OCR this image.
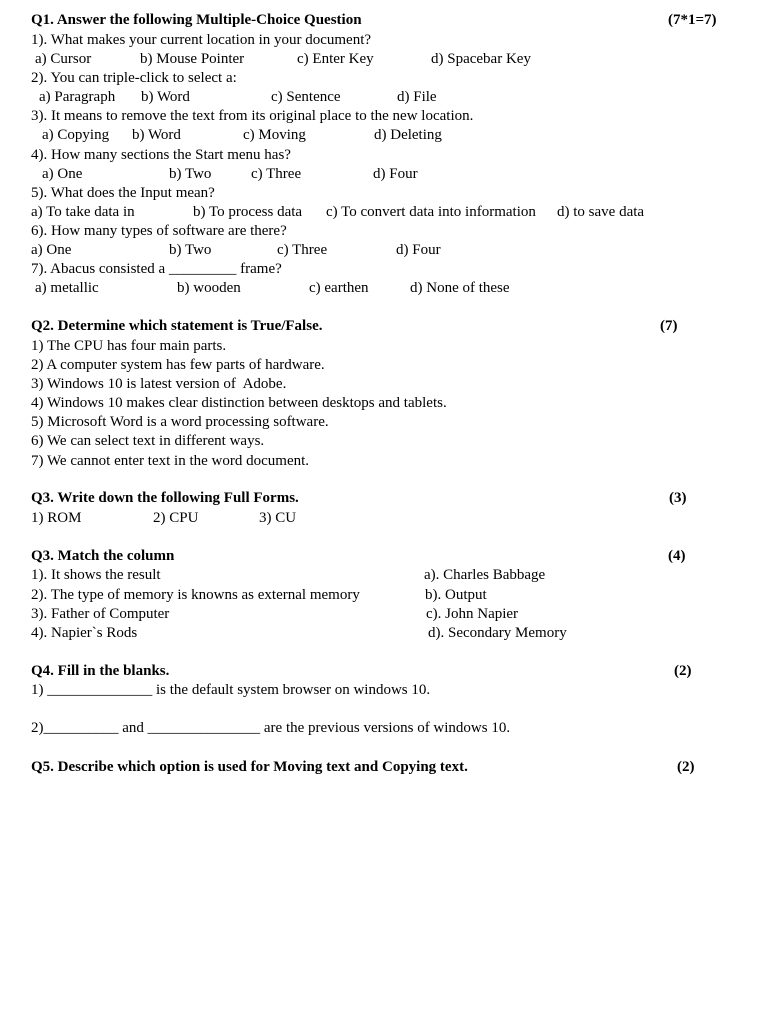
Q1. Answer the following Multiple-Choice Question	(7*1=7)
1). What makes your current location in your document?
a) Cursor	b) Mouse Pointer	c) Enter Key	d) Spacebar Key
2). You can triple-click to select a:
a) Paragraph b) Word	c) Sentence	d) File
3). It means to remove the text from its original place to the new location.
a) Copying b) Word	c) Moving	d) Deleting
4). How many sections the Start menu has?
a) One	b) Two	c) Three	d) Four
5). What does the Input mean?
a) To take data in	b) To process data c) To convert data into information d) to save data
6). How many types of software are there?
a) One	b) Two	c) Three	d) Four
7). Abacus consisted a _________ frame?
a) metallic	b) wooden	c) earthen	d) None of these
Q2. Determine which statement is True/False.	(7)
1) The CPU has four main parts.
2) A computer system has few parts of hardware.
3) Windows 10 is latest version of  Adobe.
4) Windows 10 makes clear distinction between desktops and tablets.
5) Microsoft Word is a word processing software.
6) We can select text in different ways.
7) We cannot enter text in the word document.
Q3. Write down the following Full Forms.	(3)
1) ROM	2) CPU	3) CU
Q3. Match the column	(4)
1). It shows the result	a). Charles Babbage
2). The type of memory is knowns as external memory	b). Output
3). Father of Computer	c). John Napier
4). Napier`s Rods	d). Secondary Memory
Q4. Fill in the blanks.	(2)
1) ______________ is the default system browser on windows 10.
2)__________ and _______________ are the previous versions of windows 10.
Q5. Describe which option is used for Moving text and Copying text.	(2)
